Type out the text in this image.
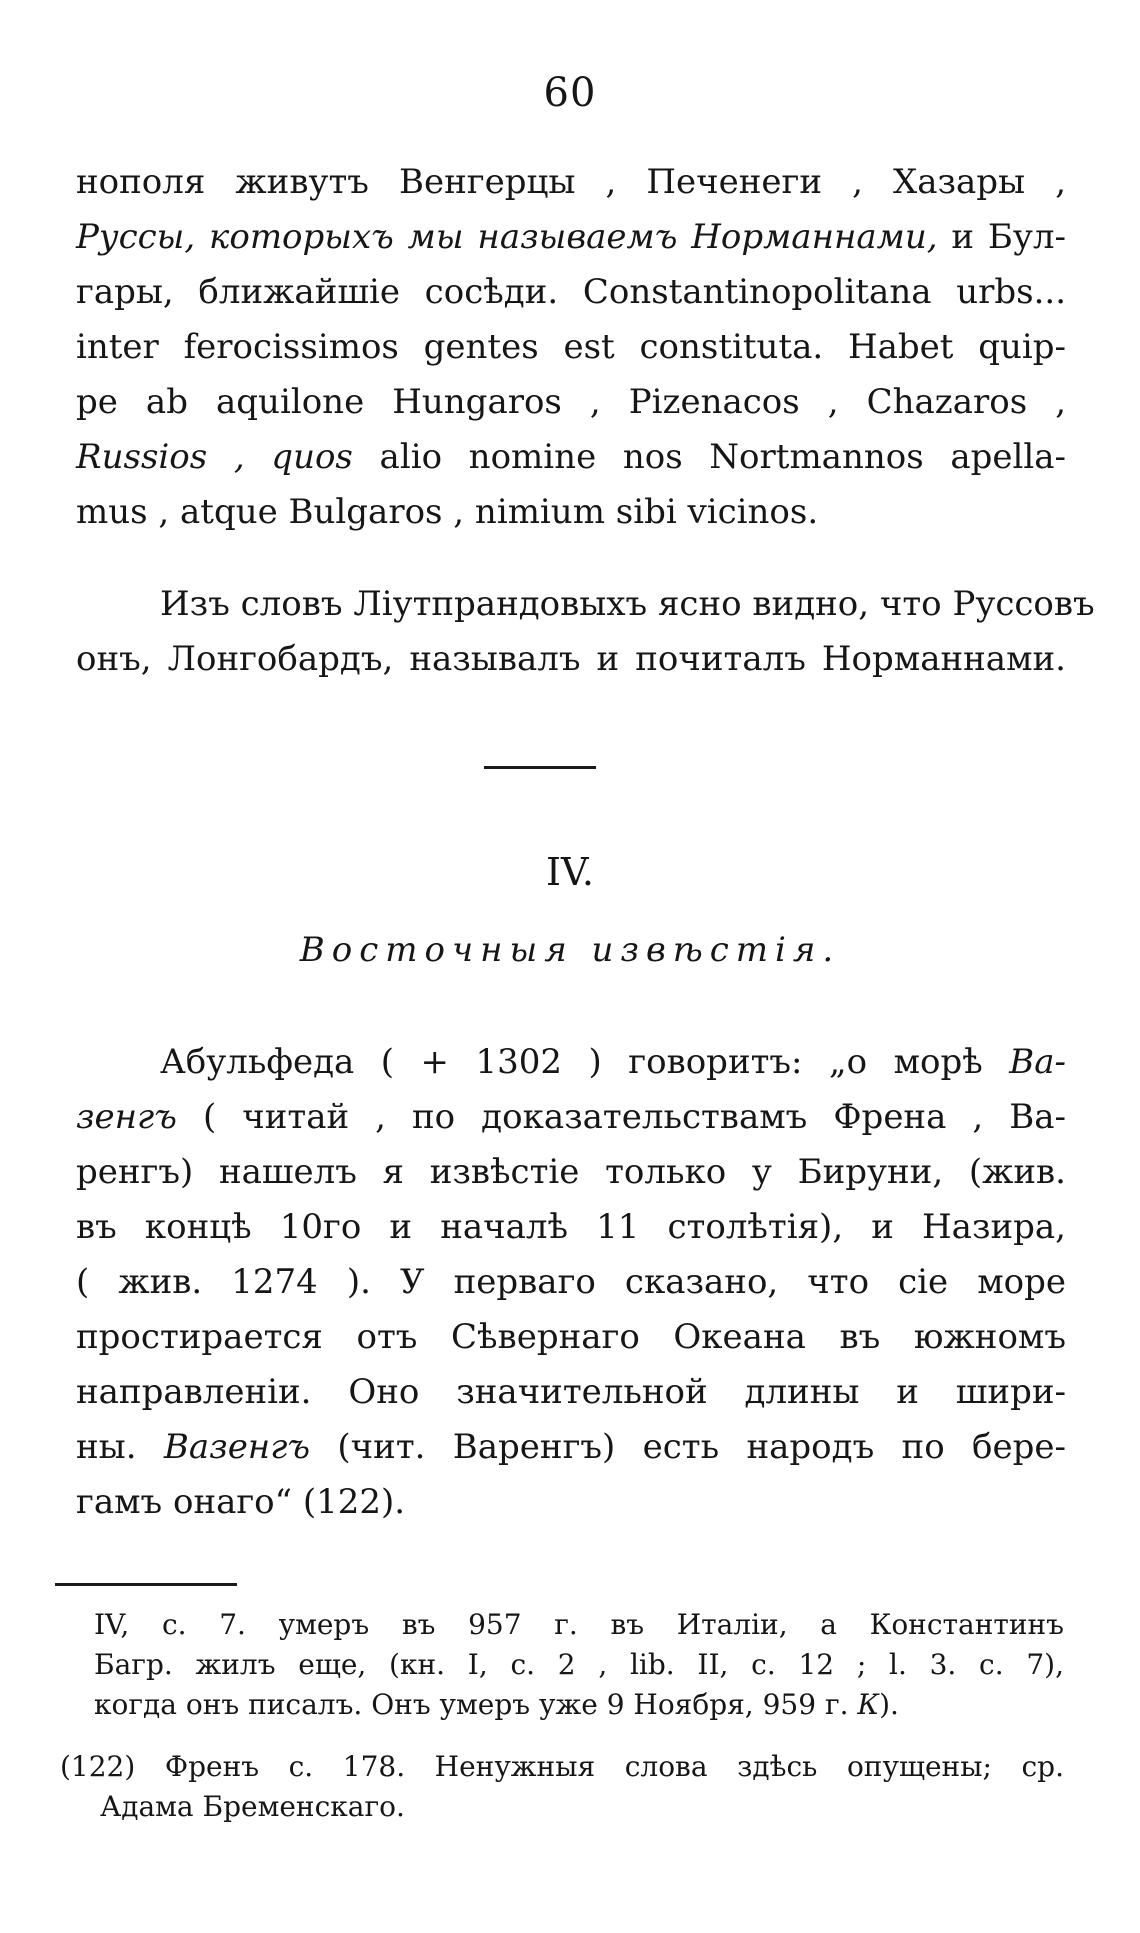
60
нополя живутъ Венгерцы , Печенеги , Хазары ,
Руссы, которыхъ мы называемъ Норманнами, и Бул-
гары, ближайшіе сосѣди. Constantinopolitana urbs...
inter ferocissimos gentes est constituta. Habet quip-
pe ab aquilone Hungaros , Pizenacos , Chazaros ,
Russios , quos alio nomine nos Nortmannos apella-
mus , atque Bulgaros , nimium sibi vicinos.
Изъ словъ Ліутпрандовыхъ ясно видно, что Руссовъ
онъ, Лонгобардъ, называлъ и почиталъ Норманнами.
IV.
Восточныя извѣстія.
Абульфеда ( + 1302 ) говоритъ: „о морѣ Ва-
зенгъ ( читай , по доказательствамъ Френа , Ва-
ренгъ) нашелъ я извѣстіе только у Бируни, (жив.
въ концѣ 10го и началѣ 11 столѣтія), и Назира,
( жив. 1274 ). У перваго сказано, что сіе море
простирается отъ Сѣвернаго Океана въ южномъ
направленіи. Оно значительной длины и шири-
ны. Вазенгъ (чит. Варенгъ) есть народъ по бере-
гамъ онаго“ (122).
IV, с. 7. умеръ въ 957 г. въ Италіи, а Константинъ
Багр. жилъ еще, (кн. I, с. 2 , lib. II, с. 12 ; l. 3. с. 7),
когда онъ писалъ. Онъ умеръ уже 9 Ноября, 959 г. К).
(122) Френъ с. 178. Ненужныя слова здѣсь опущены; ср.
Адама Бременскаго.
